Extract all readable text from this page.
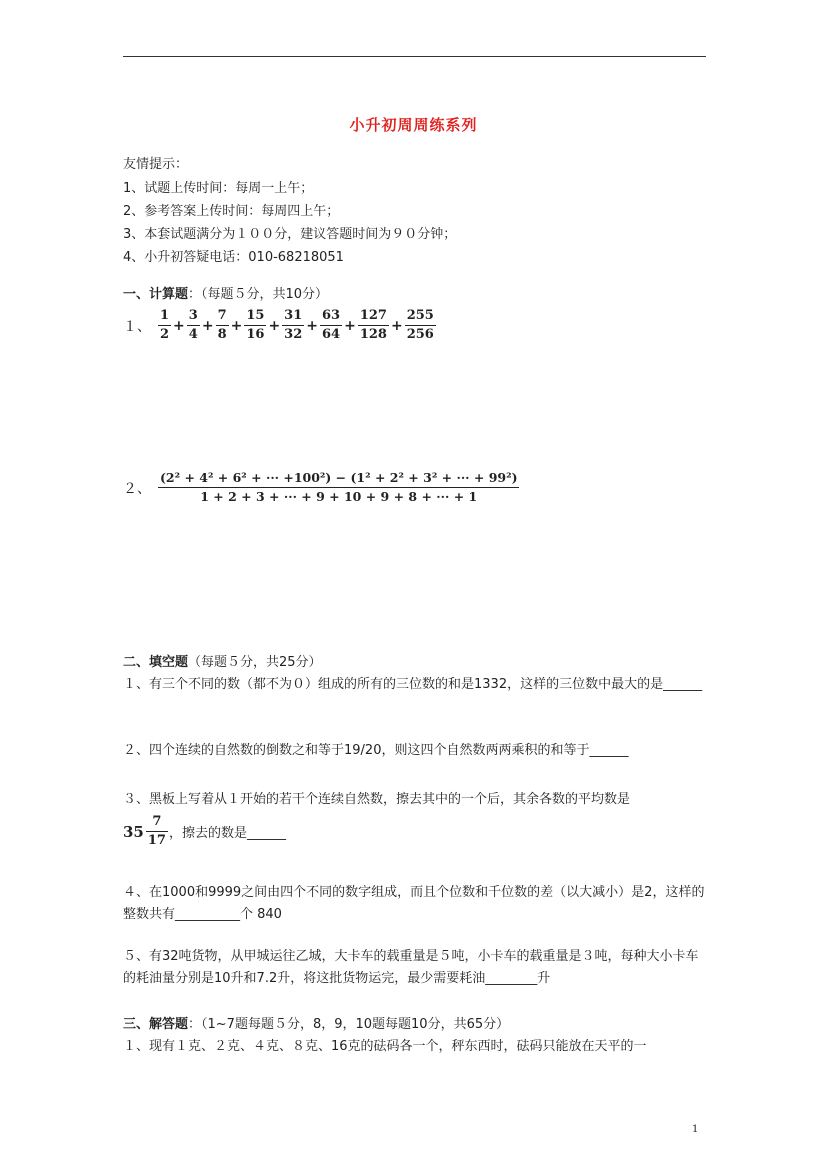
小升初周周练系列
友情提示：
1、试题上传时间：每周一上午；
2、参考答案上传时间：每周四上午；
3、本套试题满分为１００分，建议答题时间为９０分钟；
4、小升初答疑电话：010-68218051
一、计算题：（每题５分，共10分）
１、 $\frac{1}{2} + \frac{3}{4} + \frac{7}{8} + \frac{15}{16} + \frac{31}{32} + \frac{63}{64} + \frac{127}{128} + \frac{255}{256}$
２、 $\frac{\text{(2² + 4² + 6² + ··· +100²) − (1² + 2² + 3² + ··· + 99²)}}{1 + 2 + 3 + \cdot\cdot\cdot + 9 + 10 + 9 + 8 + \cdot\cdot\cdot + 1}$
二、填空题（每题５分，共25分）
１、有三个不同的数（都不为０）组成的所有的三位数的和是1332，这样的三位数中最大的是______
２、四个连续的自然数的倒数之和等于19/20，则这四个自然数两两乘积的和等于______
３、黑板上写着从１开始的若干个连续自然数，擦去其中的一个后，其余各数的平均数是
$35 \frac{7}{17}$ ，擦去的数是______
４、在1000和9999之间由四个不同的数字组成，而且个位数和千位数的差（以大减小）是2，这样的整数共有__________个 840
５、有32吨货物，从甲城运往乙城，大卡车的载重量是５吨，小卡车的载重量是３吨，每种大小卡车的耗油量分别是10升和7.2升，将这批货物运完，最少需要耗油________升
三、解答题：（1~7题每题５分，8，9，10题每题10分，共65分）
１、现有１克、２克、４克、８克、16克的砝码各一个，秤东西时，砝码只能放在天平的一
1
